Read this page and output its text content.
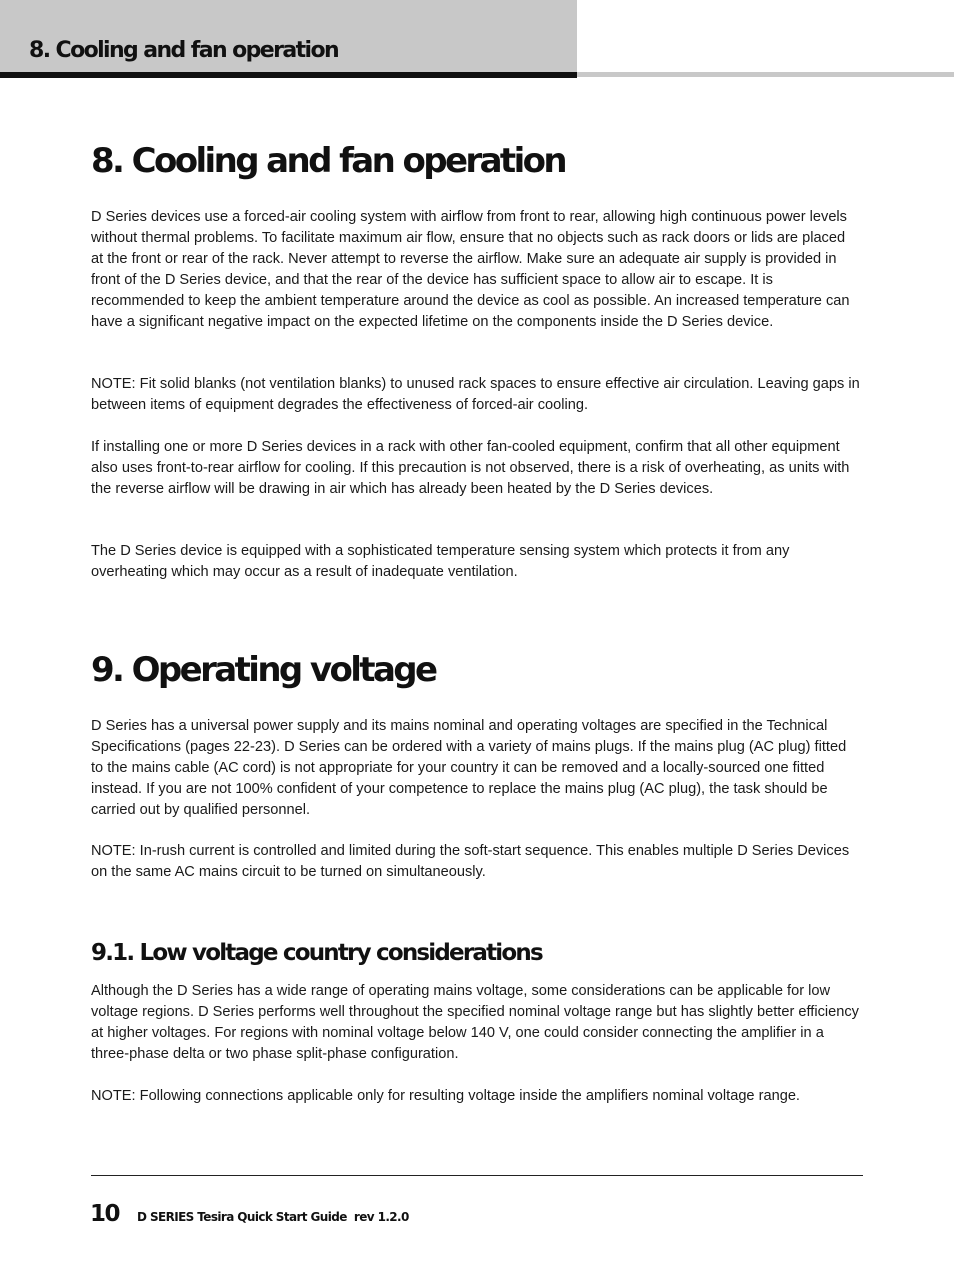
8. Cooling and fan operation
8. Cooling and fan operation

D Series devices use a forced-air cooling system with airflow from front to rear, allowing high continuous power levels without thermal problems. To facilitate maximum air flow, ensure that no objects such as rack doors or lids are placed at the front or rear of the rack. Never attempt to reverse the airflow. Make sure an adequate air supply is provided in front of the D Series device, and that the rear of the device has sufficient space to allow air to escape. It is recommended to keep the ambient temperature around the device as cool as possible. An increased temperature can have a significant negative impact on the expected lifetime on the components inside the D Series device.

NOTE: Fit solid blanks (not ventilation blanks) to unused rack spaces to ensure effective air circulation. Leaving gaps in between items of equipment degrades the effectiveness of forced-air cooling.

If installing one or more D Series devices in a rack with other fan-cooled equipment, confirm that all other equipment also uses front-to-rear airflow for cooling. If this precaution is not observed, there is a risk of overheating, as units with the reverse airflow will be drawing in air which has already been heated by the D Series devices.

The D Series device is equipped with a sophisticated temperature sensing system which protects it from any overheating which may occur as a result of inadequate ventilation.

9. Operating voltage

D Series has a universal power supply and its mains nominal and operating voltages are specified in the Technical Specifications (pages 22-23). D Series can be ordered with a variety of mains plugs. If the mains plug (AC plug) fitted to the mains cable (AC cord) is not appropriate for your country it can be removed and a locally-sourced one fitted instead. If you are not 100% confident of your competence to replace the mains plug (AC plug), the task should be carried out by qualified personnel.

NOTE: In-rush current is controlled and limited during the soft-start sequence. This enables multiple D Series Devices on the same AC mains circuit to be turned on simultaneously.

9.1. Low voltage country considerations

Although the D Series has a wide range of operating mains voltage, some considerations can be applicable for low voltage regions. D Series performs well throughout the specified nominal voltage range but has slightly better efficiency at higher voltages. For regions with nominal voltage below 140 V, one could consider connecting the amplifier in a three-phase delta or two phase split-phase configuration.

NOTE: Following connections applicable only for resulting voltage inside the amplifiers nominal voltage range.

10 D SERIES Tesira Quick Start Guide  rev 1.2.0
